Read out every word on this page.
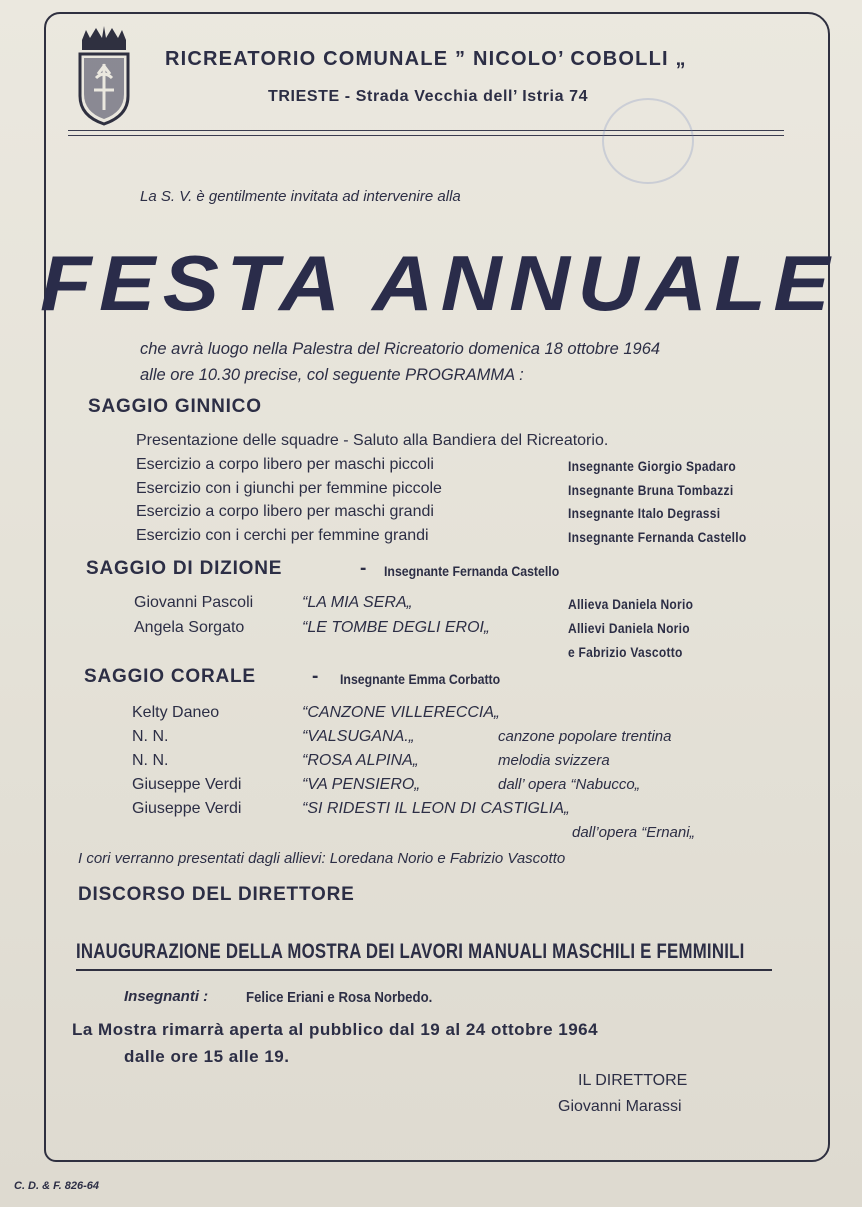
RICREATORIO COMUNALE ” NICOLO’ COBOLLI „
TRIESTE - Strada Vecchia dell’ Istria 74
La S. V. è gentilmente invitata ad intervenire alla
FESTA ANNUALE
che avrà luogo nella Palestra del Ricreatorio domenica 18 ottobre 1964
alle ore 10.30 precise, col seguente PROGRAMMA :
SAGGIO GINNICO
Presentazione delle squadre - Saluto alla Bandiera del Ricreatorio.
Esercizio a corpo libero per maschi piccoli	Insegnante Giorgio Spadaro
Esercizio con i giunchi per femmine piccole	Insegnante Bruna Tombazzi
Esercizio a corpo libero per maschi grandi	Insegnante Italo Degrassi
Esercizio con i cerchi per femmine grandi	Insegnante Fernanda Castello
SAGGIO DI DIZIONE	- Insegnante Fernanda Castello
Giovanni Pascoli	“LA MIA SERA„	Allieva Daniela Norio
Angela Sorgato	“LE TOMBE DEGLI EROI„	Allievi Daniela Norio
e Fabrizio Vascotto
SAGGIO CORALE	- Insegnante Emma Corbatto
Kelty Daneo	“CANZONE VILLERECCIA„
N. N.	“VALSUGANA.„	canzone popolare trentina
N. N.	“ROSA ALPINA„	melodia svizzera
Giuseppe Verdi	“VA PENSIERO„	dall’ opera “Nabucco„
Giuseppe Verdi	“SI RIDESTI IL LEON DI CASTIGLIA„
dall’opera “Ernani„
I cori verranno presentati dagli allievi: Loredana Norio e Fabrizio Vascotto
DISCORSO DEL DIRETTORE
INAUGURAZIONE DELLA MOSTRA DEI LAVORI MANUALI MASCHILI E FEMMINILI
Insegnanti :	Felice Eriani e Rosa Norbedo.
La Mostra rimarrà aperta al pubblico dal 19 al 24 ottobre 1964
dalle ore 15 alle 19.
IL DIRETTORE
Giovanni Marassi
C. D. & F. 826-64
